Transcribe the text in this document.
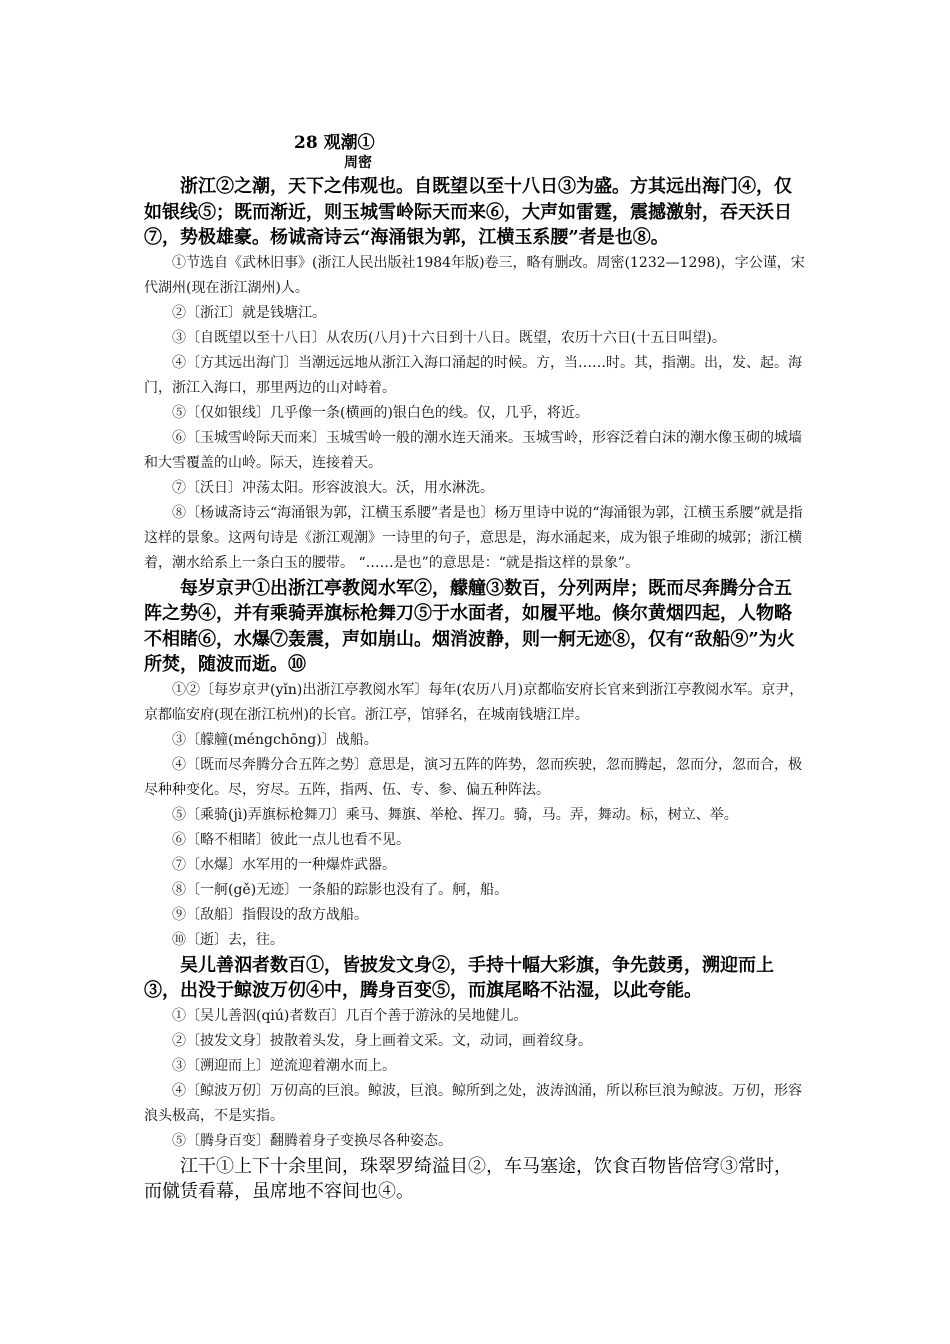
28 观潮①
周密

浙江②之潮，天下之伟观也。自既望以至十八日③为盛。方其远出海门④，仅如银线⑤；既而渐近，则玉城雪岭际天而来⑥，大声如雷霆，震撼激射，吞天沃日⑦，势极雄豪。杨诚斋诗云“海涌银为郭，江横玉系腰”者是也⑧。

①节选自《武林旧事》(浙江人民出版社1984年版)卷三，略有删改。周密(1232—1298)，字公谨，宋代湖州(现在浙江湖州)人。

②〔浙江〕就是钱塘江。

③〔自既望以至十八日〕从农历(八月)十六日到十八日。既望，农历十六日(十五日叫望)。

④〔方其远出海门〕当潮远远地从浙江入海口涌起的时候。方，当……时。其，指潮。出，发、起。海门，浙江入海口，那里两边的山对峙着。

⑤〔仅如银线〕几乎像一条(横画的)银白色的线。仅，几乎，将近。

⑥〔玉城雪岭际天而来〕玉城雪岭一般的潮水连天涌来。玉城雪岭，形容泛着白沫的潮水像玉砌的城墙和大雪覆盖的山岭。际天，连接着天。

⑦〔沃日〕冲荡太阳。形容波浪大。沃，用水淋洗。

⑧〔杨诚斋诗云“海涌银为郭，江横玉系腰”者是也〕杨万里诗中说的“海涌银为郭，江横玉系腰”就是指这样的景象。这两句诗是《浙江观潮》一诗里的句子，意思是，海水涌起来，成为银子堆砌的城郭；浙江横着，潮水给系上一条白玉的腰带。 “……是也”的意思是：“就是指这样的景象”。

每岁京尹①出浙江亭教阅水军②，艨艟③数百，分列两岸；既而尽奔腾分合五阵之势④，并有乘骑弄旗标枪舞刀⑤于水面者，如履平地。倏尔黄烟四起，人物略不相睹⑥，水爆⑦轰震，声如崩山。烟消波静，则一舸无迹⑧，仅有“敌船⑨”为火所焚，随波而逝。⑩

①②〔每岁京尹(yǐn)出浙江亭教阅水军〕每年(农历八月)京都临安府长官来到浙江亭教阅水军。京尹，京都临安府(现在浙江杭州)的长官。浙江亭，馆驿名，在城南钱塘江岸。

③〔艨艟(méngchōng)〕战船。

④〔既而尽奔腾分合五阵之势〕意思是，演习五阵的阵势，忽而疾驶，忽而腾起，忽而分，忽而合，极尽种种变化。尽，穷尽。五阵，指两、伍、专、参、偏五种阵法。

⑤〔乘骑(jì)弄旗标枪舞刀〕乘马、舞旗、举枪、挥刀。骑，马。弄，舞动。标，树立、举。

⑥〔略不相睹〕彼此一点儿也看不见。

⑦〔水爆〕水军用的一种爆炸武器。

⑧〔一舸(gě)无迹〕一条船的踪影也没有了。舸，船。

⑨〔敌船〕指假设的敌方战船。

⑩〔逝〕去，往。

吴儿善泅者数百①，皆披发文身②，手持十幅大彩旗，争先鼓勇，溯迎而上③，出没于鲸波万仞④中，腾身百变⑤，而旗尾略不沾湿，以此夸能。

①〔吴儿善泅(qiú)者数百〕几百个善于游泳的吴地健儿。

②〔披发文身〕披散着头发，身上画着文采。文，动词，画着纹身。

③〔溯迎而上〕逆流迎着潮水而上。

④〔鲸波万仞〕万仞高的巨浪。鲸波，巨浪。鲸所到之处，波涛汹涌，所以称巨浪为鲸波。万仞，形容浪头极高，不是实指。

⑤〔腾身百变〕翻腾着身子变换尽各种姿态。

江干①上下十余里间，珠翠罗绮溢目②，车马塞途，饮食百物皆倍穹③常时，而僦赁看幕，虽席地不容间也④。
